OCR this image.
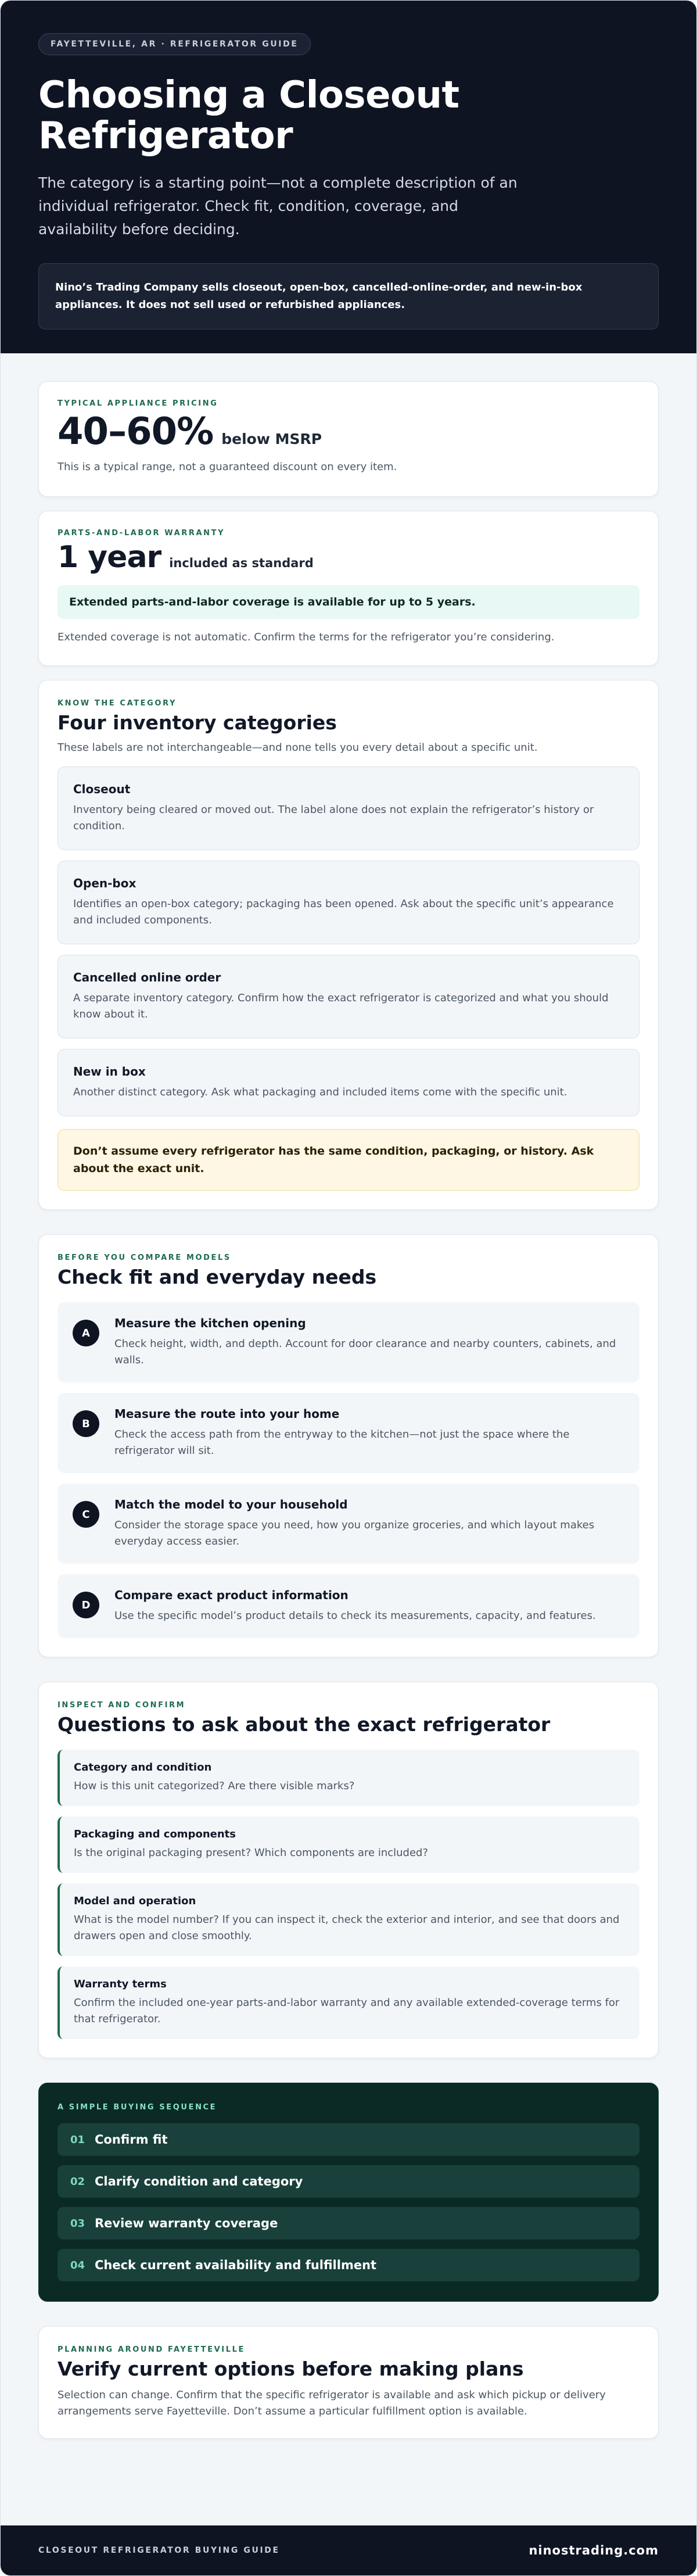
FAYETTEVILLE, AR · REFRIGERATOR GUIDE
Choosing a Closeout Refrigerator

The category is a starting point—not a complete description of an individual refrigerator. Check fit, condition, coverage, and availability before deciding.

Nino’s Trading Company sells closeout, open-box, cancelled-online-order, and new-in-box appliances. It does not sell used or refurbished appliances.
TYPICAL APPLIANCE PRICING
40–60% below MSRP

This is a typical range, not a guaranteed discount on every item.

PARTS-AND-LABOR WARRANTY
1 year included as standard
Extended parts-and-labor coverage is available for up to 5 years.

Extended coverage is not automatic. Confirm the terms for the refrigerator you’re considering.

KNOW THE CATEGORY
Four inventory categories

These labels are not interchangeable—and none tells you every detail about a specific unit.

Closeout
Inventory being cleared or moved out. The label alone does not explain the refrigerator’s history or condition.
Open-box
Identifies an open-box category; packaging has been opened. Ask about the specific unit’s appearance and included components.
Cancelled online order
A separate inventory category. Confirm how the exact refrigerator is categorized and what you should know about it.
New in box
Another distinct category. Ask what packaging and included items come with the specific unit.
Don’t assume every refrigerator has the same condition, packaging, or history. Ask about the exact unit.
BEFORE YOU COMPARE MODELS
Check fit and everyday needs
A
Measure the kitchen opening
Check height, width, and depth. Account for door clearance and nearby counters, cabinets, and walls.
B
Measure the route into your home
Check the access path from the entryway to the kitchen—not just the space where the refrigerator will sit.
C
Match the model to your household
Consider the storage space you need, how you organize groceries, and which layout makes everyday access easier.
D
Compare exact product information
Use the specific model’s product details to check its measurements, capacity, and features.
INSPECT AND CONFIRM
Questions to ask about the exact refrigerator
Category and condition
How is this unit categorized? Are there visible marks?
Packaging and components
Is the original packaging present? Which components are included?
Model and operation
What is the model number? If you can inspect it, check the exterior and interior, and see that doors and drawers open and close smoothly.
Warranty terms
Confirm the included one-year parts-and-labor warranty and any available extended-coverage terms for that refrigerator.
A SIMPLE BUYING SEQUENCE
01 Confirm fit
02 Clarify condition and category
03 Review warranty coverage
04 Check current availability and fulfillment
PLANNING AROUND FAYETTEVILLE
Verify current options before making plans

Selection can change. Confirm that the specific refrigerator is available and ask which pickup or delivery arrangements serve Fayetteville. Don’t assume a particular fulfillment option is available.

CLOSEOUT REFRIGERATOR BUYING GUIDE	ninostrading.com
